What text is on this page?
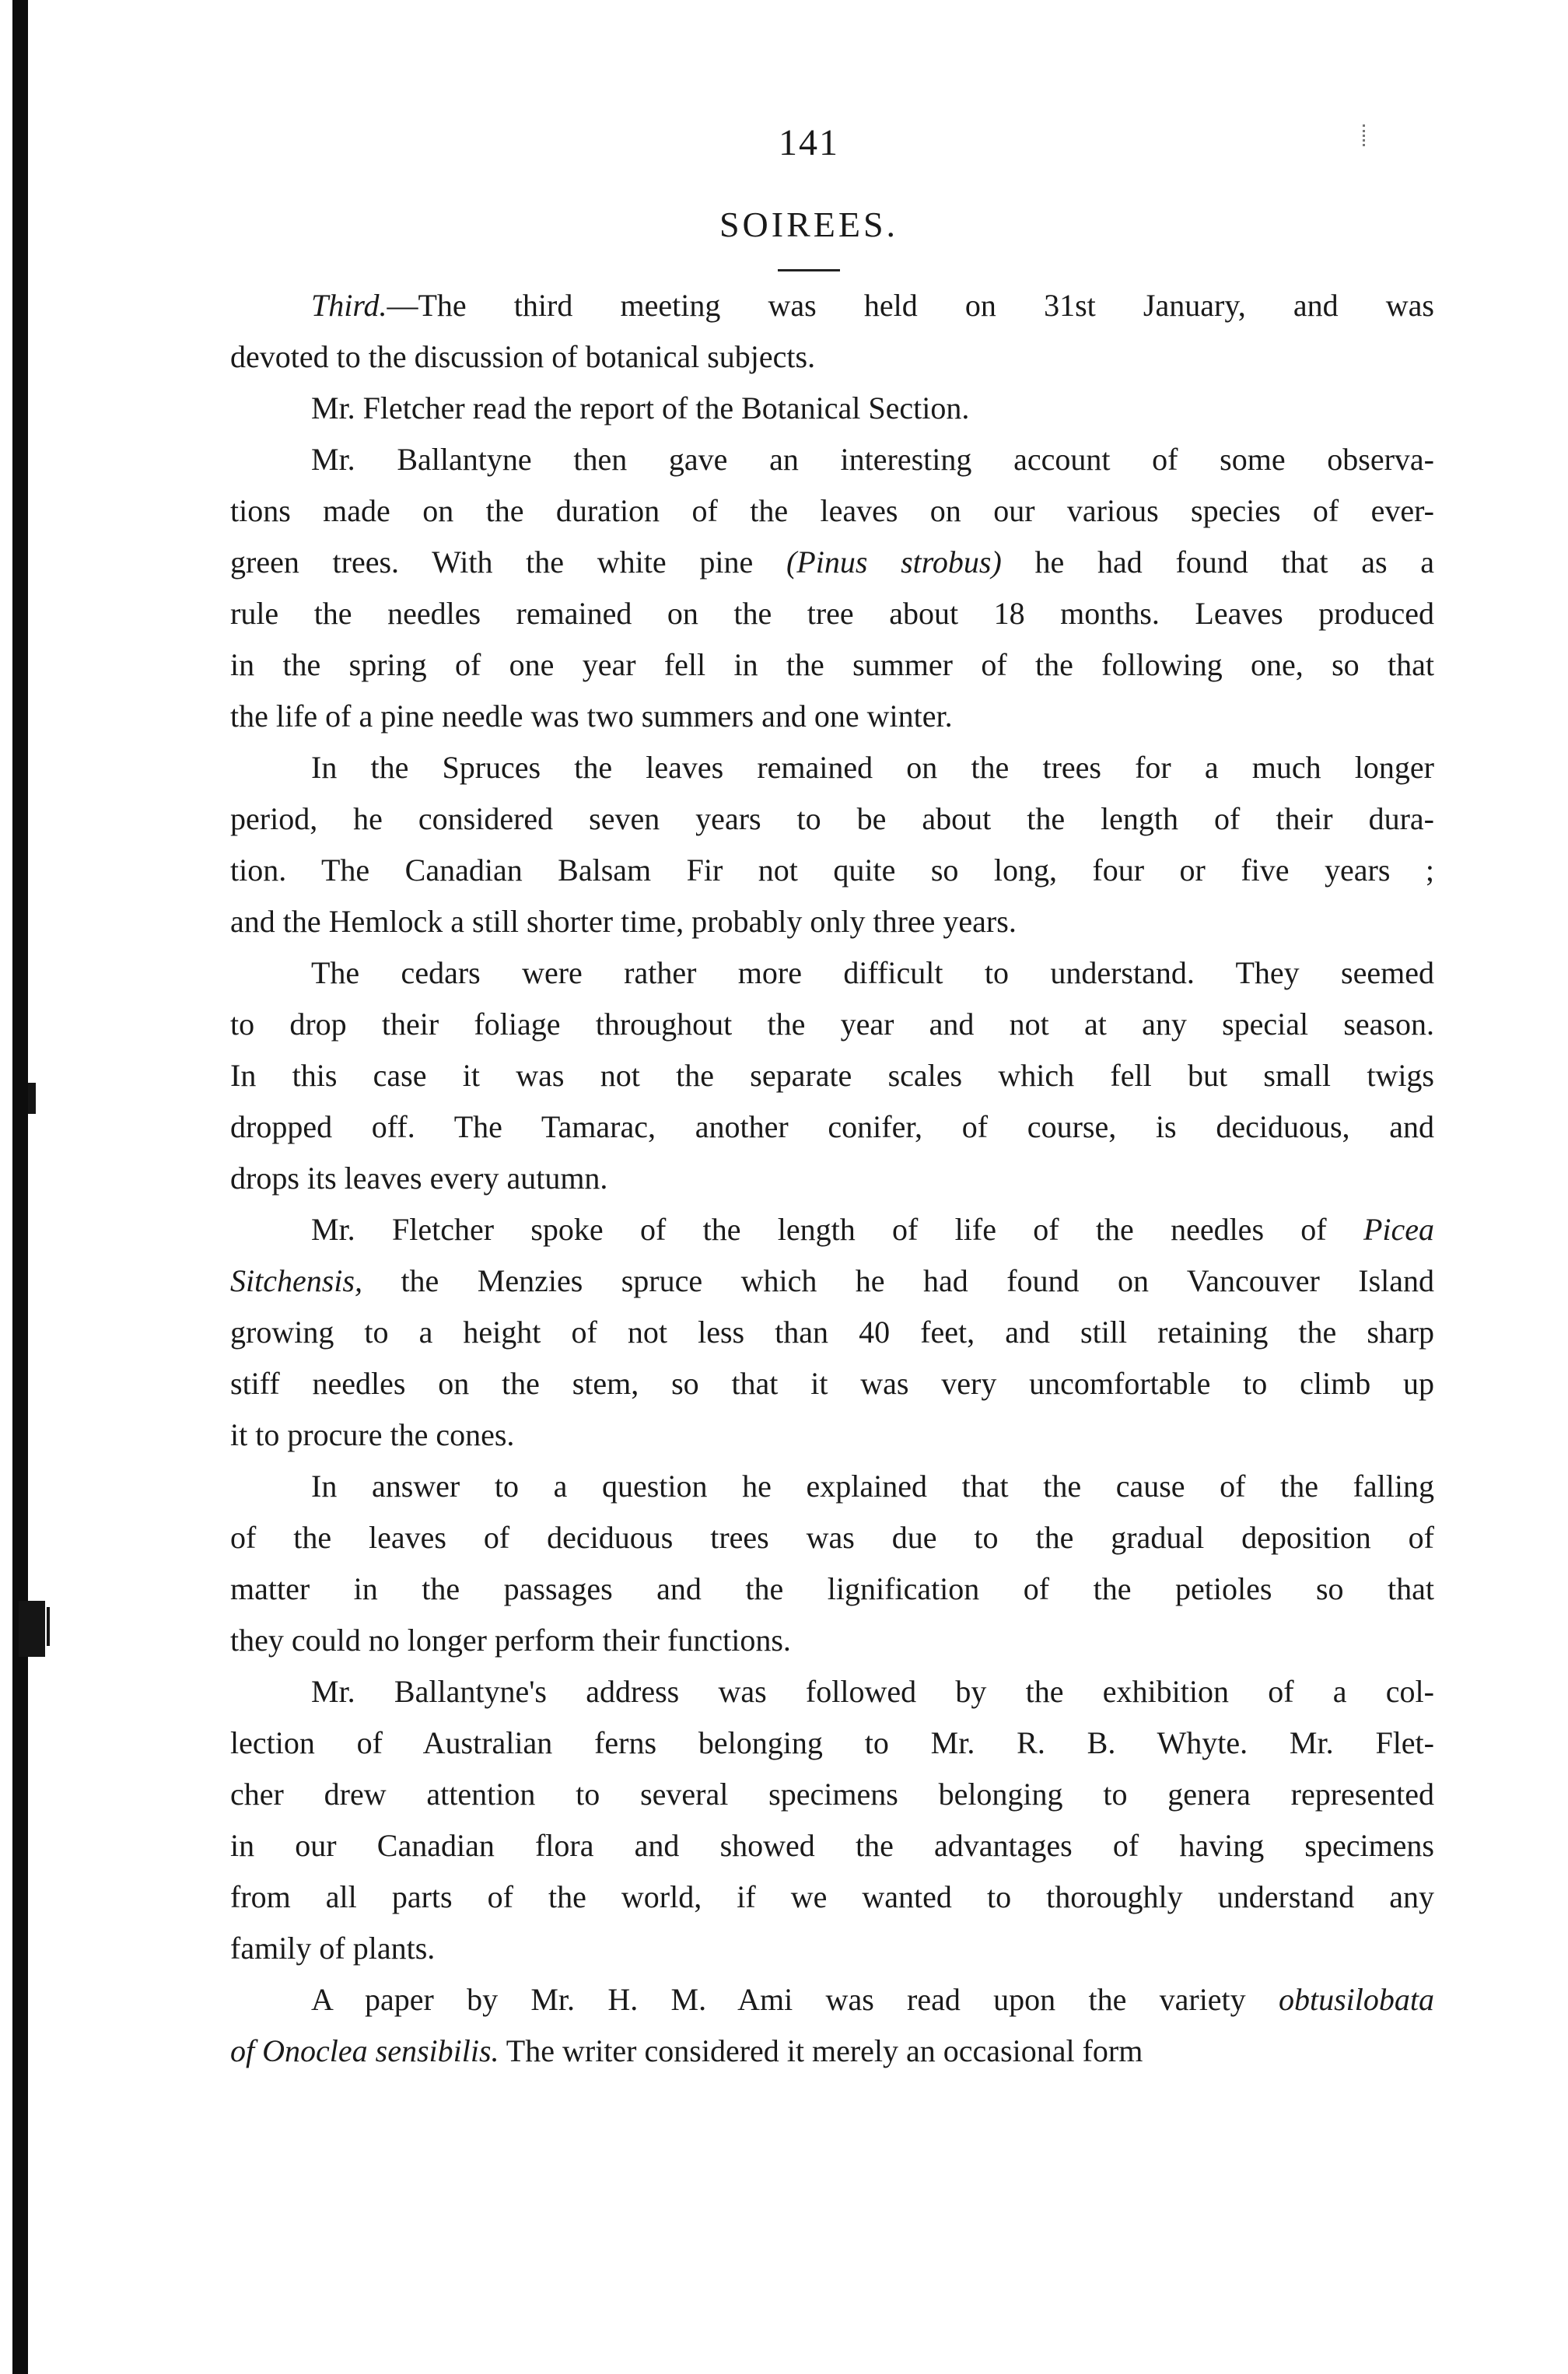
141
SOIREES.
Third.—The third meeting was held on 31st January, and was
devoted to the discussion of botanical subjects.
Mr. Fletcher read the report of the Botanical Section.
Mr. Ballantyne then gave an interesting account of some observa-
tions made on the duration of the leaves on our various species of ever-
green trees. With the white pine (Pinus strobus) he had found that as a
rule the needles remained on the tree about 18 months. Leaves produced
in the spring of one year fell in the summer of the following one, so that
the life of a pine needle was two summers and one winter.
In the Spruces the leaves remained on the trees for a much longer
period, he considered seven years to be about the length of their dura-
tion. The Canadian Balsam Fir not quite so long, four or five years ;
and the Hemlock a still shorter time, probably only three years.
The cedars were rather more difficult to understand. They seemed
to drop their foliage throughout the year and not at any special season.
In this case it was not the separate scales which fell but small twigs
dropped off. The Tamarac, another conifer, of course, is deciduous, and
drops its leaves every autumn.
Mr. Fletcher spoke of the length of life of the needles of Picea
Sitchensis, the Menzies spruce which he had found on Vancouver Island
growing to a height of not less than 40 feet, and still retaining the sharp
stiff needles on the stem, so that it was very uncomfortable to climb up
it to procure the cones.
In answer to a question he explained that the cause of the falling
of the leaves of deciduous trees was due to the gradual deposition of
matter in the passages and the lignification of the petioles so that
they could no longer perform their functions.
Mr. Ballantyne's address was followed by the exhibition of a col-
lection of Australian ferns belonging to Mr. R. B. Whyte. Mr. Flet-
cher drew attention to several specimens belonging to genera represented
in our Canadian flora and showed the advantages of having specimens
from all parts of the world, if we wanted to thoroughly understand any
family of plants.
A paper by Mr. H. M. Ami was read upon the variety obtusilobata
of Onoclea sensibilis. The writer considered it merely an occasional form
